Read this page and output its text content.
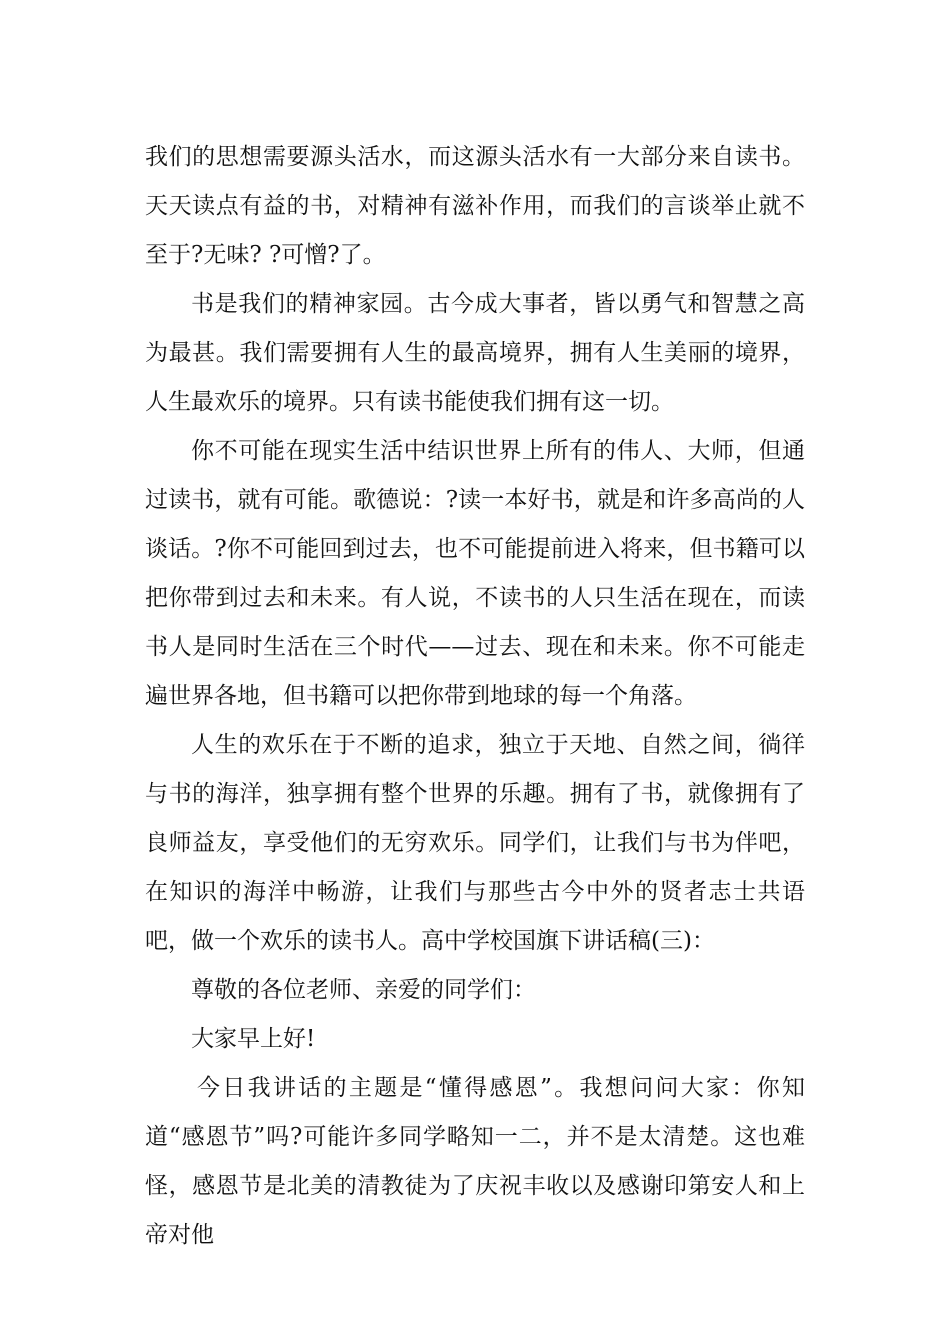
我们的思想需要源头活水，而这源头活水有一大部分来自读书。天天读点有益的书，对精神有滋补作用，而我们的言谈举止就不至于?无味? ?可憎?了。

书是我们的精神家园。古今成大事者，皆以勇气和智慧之高为最甚。我们需要拥有人生的最高境界，拥有人生美丽的境界，人生最欢乐的境界。只有读书能使我们拥有这一切。

你不可能在现实生活中结识世界上所有的伟人、大师，但通过读书，就有可能。歌德说：?读一本好书，就是和许多高尚的人谈话。?你不可能回到过去，也不可能提前进入将来，但书籍可以把你带到过去和未来。有人说，不读书的人只生活在现在，而读书人是同时生活在三个时代——过去、现在和未来。你不可能走遍世界各地，但书籍可以把你带到地球的每一个角落。

人生的欢乐在于不断的追求，独立于天地、自然之间，徜徉与书的海洋，独享拥有整个世界的乐趣。拥有了书，就像拥有了良师益友，享受他们的无穷欢乐。同学们，让我们与书为伴吧，在知识的海洋中畅游，让我们与那些古今中外的贤者志士共语吧，做一个欢乐的读书人。高中学校国旗下讲话稿(三)：

尊敬的各位老师、亲爱的同学们：

大家早上好!

今日我讲话的主题是“懂得感恩”。我想问问大家：你知道“感恩节”吗?可能许多同学略知一二，并不是太清楚。这也难怪，感恩节是北美的清教徒为了庆祝丰收以及感谢印第安人和上帝对他
